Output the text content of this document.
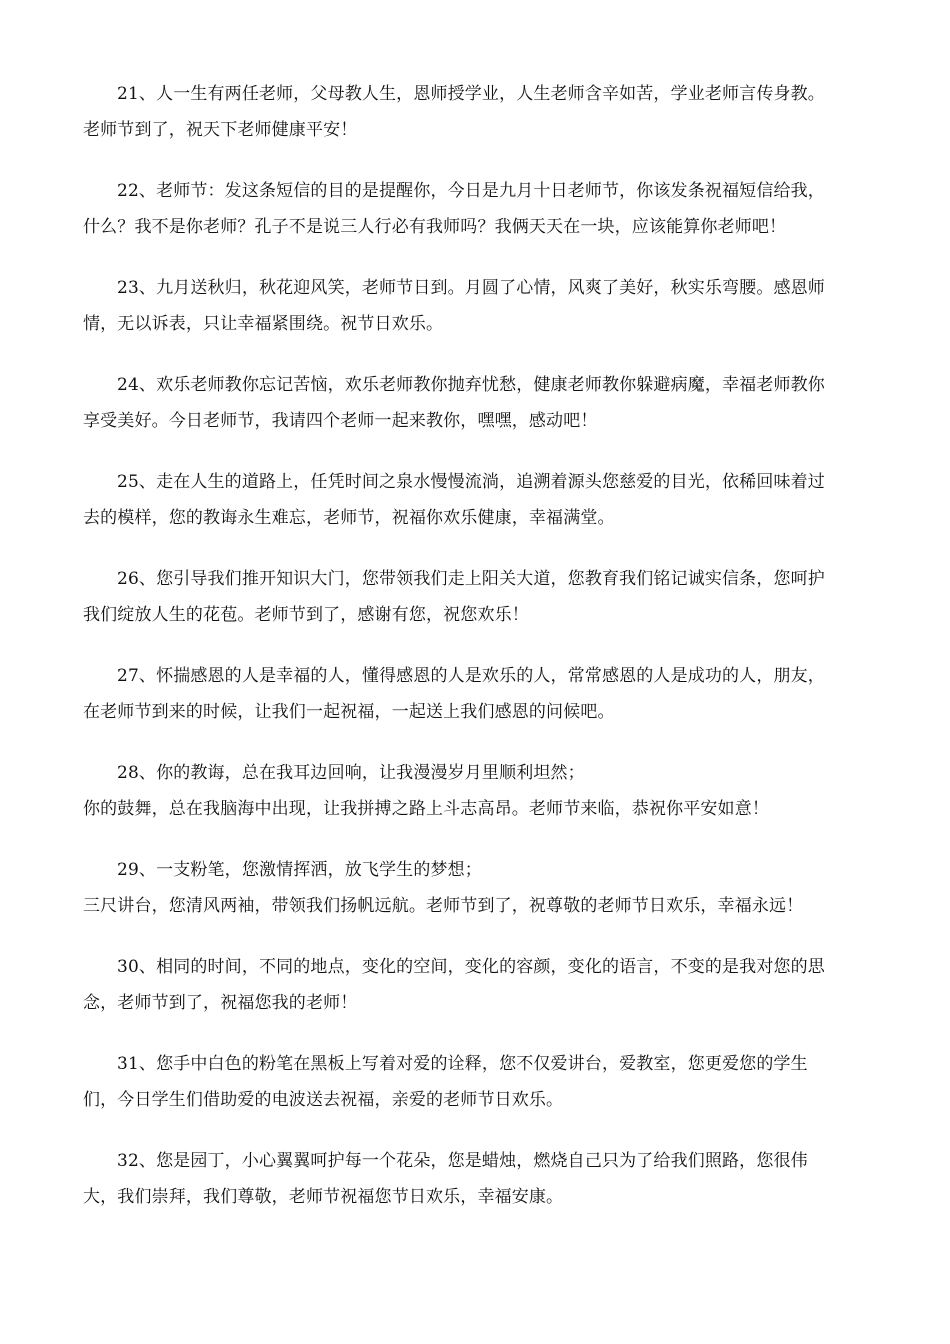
21、人一生有两任老师，父母教人生，恩师授学业，人生老师含辛如苦，学业老师言传身教。
老师节到了，祝天下老师健康平安！
22、老师节：发这条短信的目的是提醒你，今日是九月十日老师节，你该发条祝福短信给我，
什么？我不是你老师？孔子不是说三人行必有我师吗？我俩天天在一块，应该能算你老师吧！
23、九月送秋归，秋花迎风笑，老师节日到。月圆了心情，风爽了美好，秋实乐弯腰。感恩师
情，无以诉表，只让幸福紧围绕。祝节日欢乐。
24、欢乐老师教你忘记苦恼，欢乐老师教你抛弃忧愁，健康老师教你躲避病魔，幸福老师教你
享受美好。今日老师节，我请四个老师一起来教你，嘿嘿，感动吧！
25、走在人生的道路上，任凭时间之泉水慢慢流淌，追溯着源头您慈爱的目光，依稀回味着过
去的模样，您的教诲永生难忘，老师节，祝福你欢乐健康，幸福满堂。
26、您引导我们推开知识大门，您带领我们走上阳关大道，您教育我们铭记诚实信条，您呵护
我们绽放人生的花苞。老师节到了，感谢有您，祝您欢乐！
27、怀揣感恩的人是幸福的人，懂得感恩的人是欢乐的人，常常感恩的人是成功的人，朋友，
在老师节到来的时候，让我们一起祝福，一起送上我们感恩的问候吧。
28、你的教诲，总在我耳边回响，让我漫漫岁月里顺利坦然；
你的鼓舞，总在我脑海中出现，让我拼搏之路上斗志高昂。老师节来临，恭祝你平安如意！
29、一支粉笔，您激情挥洒，放飞学生的梦想；
三尺讲台，您清风两袖，带领我们扬帆远航。老师节到了，祝尊敬的老师节日欢乐，幸福永远！
30、相同的时间，不同的地点，变化的空间，变化的容颜，变化的语言，不变的是我对您的思
念，老师节到了，祝福您我的老师！
31、您手中白色的粉笔在黑板上写着对爱的诠释，您不仅爱讲台，爱教室，您更爱您的学生
们，今日学生们借助爱的电波送去祝福，亲爱的老师节日欢乐。
32、您是园丁，小心翼翼呵护每一个花朵，您是蜡烛，燃烧自己只为了给我们照路，您很伟
大，我们崇拜，我们尊敬，老师节祝福您节日欢乐，幸福安康。
